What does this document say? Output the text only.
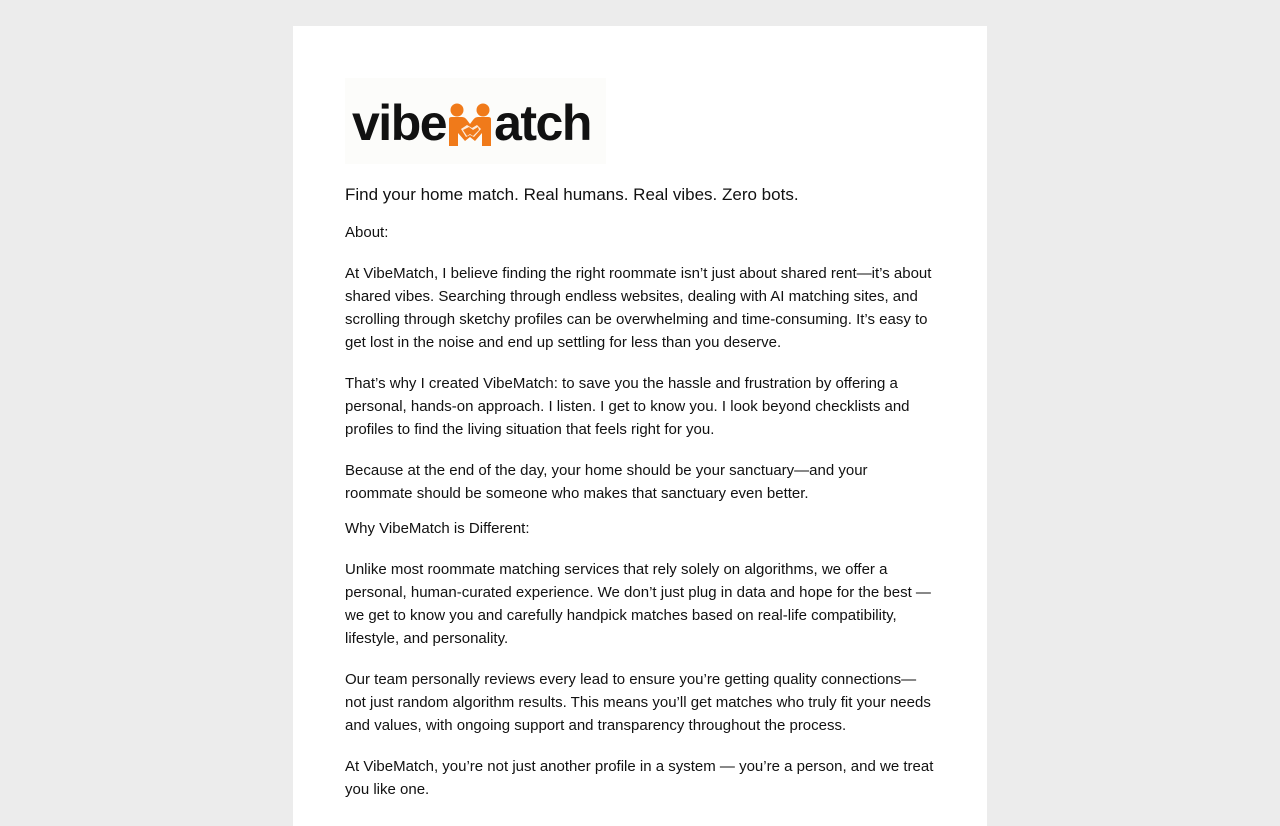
vibe atch

Find your home match. Real humans. Real vibes. Zero bots.

About:

At VibeMatch, I believe finding the right roommate isn’t just about shared rent—it’s about shared vibes. Searching through endless websites, dealing with AI matching sites, and scrolling through sketchy profiles can be overwhelming and time-consuming. It’s easy to get lost in the noise and end up settling for less than you deserve.

That’s why I created VibeMatch: to save you the hassle and frustration by offering a personal, hands-on approach. I listen. I get to know you. I look beyond checklists and profiles to find the living situation that feels right for you.

Because at the end of the day, your home should be your sanctuary—and your roommate should be someone who makes that sanctuary even better.

Why VibeMatch is Different:

Unlike most roommate matching services that rely solely on algorithms, we offer a personal, human-curated experience. We don’t just plug in data and hope for the best — we get to know you and carefully handpick matches based on real-life compatibility, lifestyle, and personality.

Our team personally reviews every lead to ensure you’re getting quality connections—not just random algorithm results. This means you’ll get matches who truly fit your needs and values, with ongoing support and transparency throughout the process.

At VibeMatch, you’re not just another profile in a system — you’re a person, and we treat you like one.
